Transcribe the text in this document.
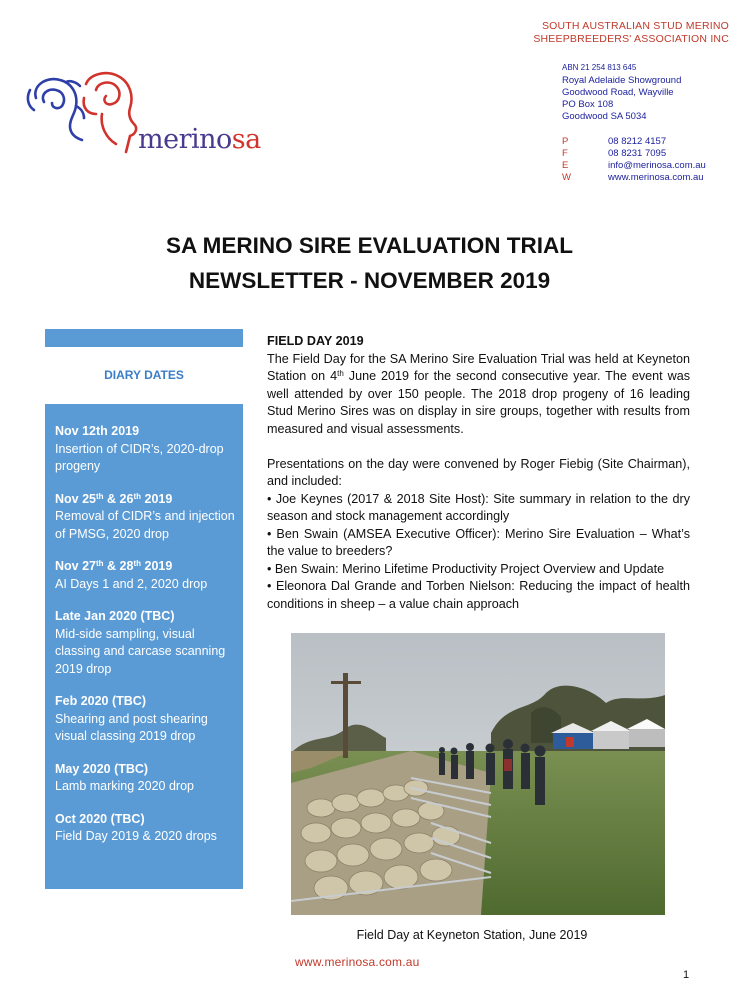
SOUTH AUSTRALIAN STUD MERINO
SHEEPBREEDERS' ASSOCIATION INC
ABN 21 254 813 645
Royal Adelaide Showground
Goodwood Road, Wayville
PO Box 108
Goodwood SA 5034
P	08 8212 4157
F	08 8231 7095
E	info@merinosa.com.au
W	www.merinosa.com.au
merinosa
SA MERINO SIRE EVALUATION TRIAL
NEWSLETTER - NOVEMBER 2019
DIARY DATES
Nov 12th 2019
Insertion of CIDR’s, 2020-drop progeny
Nov 25th & 26th 2019
Removal of CIDR’s and injection of PMSG, 2020 drop
Nov 27th & 28th 2019
AI Days 1 and 2, 2020 drop
Late Jan 2020 (TBC)
Mid-side sampling, visual classing and carcase scanning 2019 drop
Feb 2020 (TBC)
Shearing and post shearing visual classing 2019 drop
May 2020 (TBC)
Lamb marking 2020 drop
Oct 2020 (TBC)
Field Day 2019 & 2020 drops
FIELD DAY 2019

The Field Day for the SA Merino Sire Evaluation Trial was held at Keyneton Station on 4th June 2019 for the second consecutive year. The event was well attended by over 150 people. The 2018 drop progeny of 16 leading Stud Merino Sires was on display in sire groups, together with results from measured and visual assessments.

Presentations on the day were convened by Roger Fiebig (Site Chairman), and included:

• Joe Keynes (2017 & 2018 Site Host): Site summary in relation to the dry season and stock management accordingly

• Ben Swain (AMSEA Executive Officer): Merino Sire Evaluation – What’s the value to breeders?

• Ben Swain: Merino Lifetime Productivity Project Overview and Update

• Eleonora Dal Grande and Torben Nielson: Reducing the impact of health conditions in sheep – a value chain approach

Field Day at Keyneton Station, June 2019
www.merinosa.com.au
1
